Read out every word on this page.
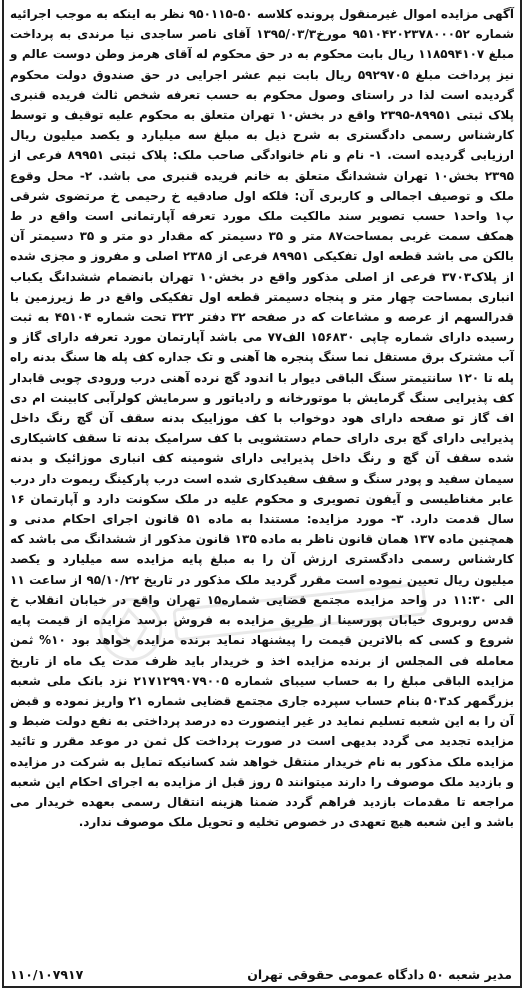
آگهی مزایده اموال غیرمنقول پرونده کلاسه ۵۰-۹۵۰۱۱۵ نظر به اینکه به موجب اجرائیه شماره ۹۵۱۰۴۲۰۲۳۷۸۰۰۰۵۲ مورخ۱۳۹۵/۰۳/۳ آقای ناصر ساجدی نیا مرندی به پرداخت مبلغ ۱۱۸۵۹۴۱۰۷ ریال بابت محکوم به در حق محکوم له آقای هرمز وطن دوست عالم و نیز پرداخت مبلغ ۵۹۲۹۷۰۵ ریال بابت نیم عشر اجرایی در حق صندوق دولت محکوم گردیده است لذا در راستای وصول محکوم به حسب تعرفه شخص ثالث فریده قنبری پلاک ثبتی ۸۹۹۵۱-۲۳۹۵ واقع در بخش۱۰ تهران متعلق به محکوم علیه توقیف و توسط کارشناس رسمی دادگستری به شرح ذیل به مبلغ سه میلیارد و یکصد میلیون ریال ارزیابی گردیده است. ۱- نام و نام خانوادگی صاحب ملک: پلاک ثبتی ۸۹۹۵۱ فرعی از ۲۳۹۵ بخش۱۰ تهران ششدانگ متعلق به خانم فریده قنبری می باشد. ۲- محل وقوع ملک و توصیف اجمالی و کاربری آن: فلکه اول صادقیه خ رحیمی خ مرتضوی شرقی پ۱ واحد۱ حسب تصویر سند مالکیت ملک مورد تعرفه آپارتمانی است واقع در ط همکف سمت غربی بمساحت۸۷ متر و ۳۵ دسیمتر که مقدار دو متر و ۳۵ دسیمتر آن بالکن می باشد قطعه اول تفکیکی ۸۹۹۵۱ فرعی از ۲۳۸۵ اصلی و مفروز و مجزی شده از پلاک۳۷۰۳ فرعی از اصلی مذکور واقع در بخش۱۰ تهران بانضمام ششدانگ یکباب انباری بمساحت چهار متر و پنجاه دسیمتر قطعه اول تفکیکی واقع در ط زیرزمین با قدرالسهم از عرصه و مشاعات که در صفحه ۳۲ دفتر ۳۲۳ تحت شماره ۴۵۱۰۴ به ثبت رسیده دارای شماره چاپی ۱۵۶۸۳۰ الف۷۷ می باشد آپارتمان مورد تعرفه دارای گاز و آب مشترک برق مستقل نما سنگ پنجره ها آهنی و تک جداره کف پله ها سنگ بدنه راه پله تا ۱۲۰ سانتیمتر سنگ الباقی دیوار با اندود گچ نرده آهنی درب ورودی چوبی قابدار کف پذیرایی سنگ گرمایش با موتورخانه و رادیاتور و سرمایش کولرآبی کابینت ام دی اف گاز تو صفحه دارای هود دوخواب با کف موزاییک بدنه سقف آن گچ رنگ داخل پذیرایی دارای گچ بری دارای حمام دستشویی با کف سرامیک بدنه تا سقف کاشیکاری شده سقف آن گچ و رنگ داخل پذیرایی دارای شومینه کف انباری موزائیک و بدنه سیمان سفید و پودر سنگ و سقف سفیدکاری شده است درب پارکینگ ریموت دار درب عابر مغناطیسی و آیفون تصویری و محکوم علیه در ملک سکونت دارد و آپارتمان ۱۶ سال قدمت دارد. ۳- مورد مزایده: مستندا به ماده ۵۱ قانون اجرای احکام مدنی و همچنین ماده ۱۳۷ همان قانون ناظر به ماده ۱۳۵ قانون مذکور از ششدانگ می باشد که کارشناس رسمی دادگستری ارزش آن را به مبلغ پایه مزایده سه میلیارد و یکصد میلیون ریال تعیین نموده است مقرر گردید ملک مذکور در تاریخ ۹۵/۱۰/۲۲ از ساعت ۱۱ الی ۱۱:۳۰ در واحد مزایده مجتمع قضایی شماره۱۵ تهران واقع در خیابان انقلاب خ قدس روبروی خیابان پورسینا از طریق مزایده به فروش برسد مزایده از قیمت پایه شروع و کسی که بالاترین قیمت را پیشنهاد نماید برنده مزایده خواهد بود ۱۰% ثمن معامله فی المجلس از برنده مزایده اخذ و خریدار باید ظرف مدت یک ماه از تاریخ مزایده الباقی مبلغ را به حساب سیبای شماره ۲۱۷۱۲۹۹۰۷۹۰۰۵ نزد بانک ملی شعبه بزرگمهر کد۵۰۳ بنام حساب سپرده جاری مجتمع قضایی شماره ۲۱ واریز نموده و قبض آن را به این شعبه تسلیم نماید در غیر اینصورت ده درصد پرداختی به نفع دولت ضبط و مزایده تجدید می گردد بدیهی است در صورت پرداخت کل ثمن در موعد مقرر و تائید مزایده ملک مذکور به نام خریدار منتقل خواهد شد کسانیکه تمایل به شرکت در مزایده و بازدید ملک موصوف را دارند میتوانند ۵ روز قبل از مزایده به اجرای احکام این شعبه مراجعه تا مقدمات بازدید فراهم گردد ضمنا هزینه انتقال رسمی بعهده خریدار می باشد و این شعبه هیچ تعهدی در خصوص تخلیه و تحویل ملک موصوف ندارد.

مدیر شعبه ۵۰ دادگاه عمومی حقوقی تهران
۱۱۰/۱۰۷۹۱۷
